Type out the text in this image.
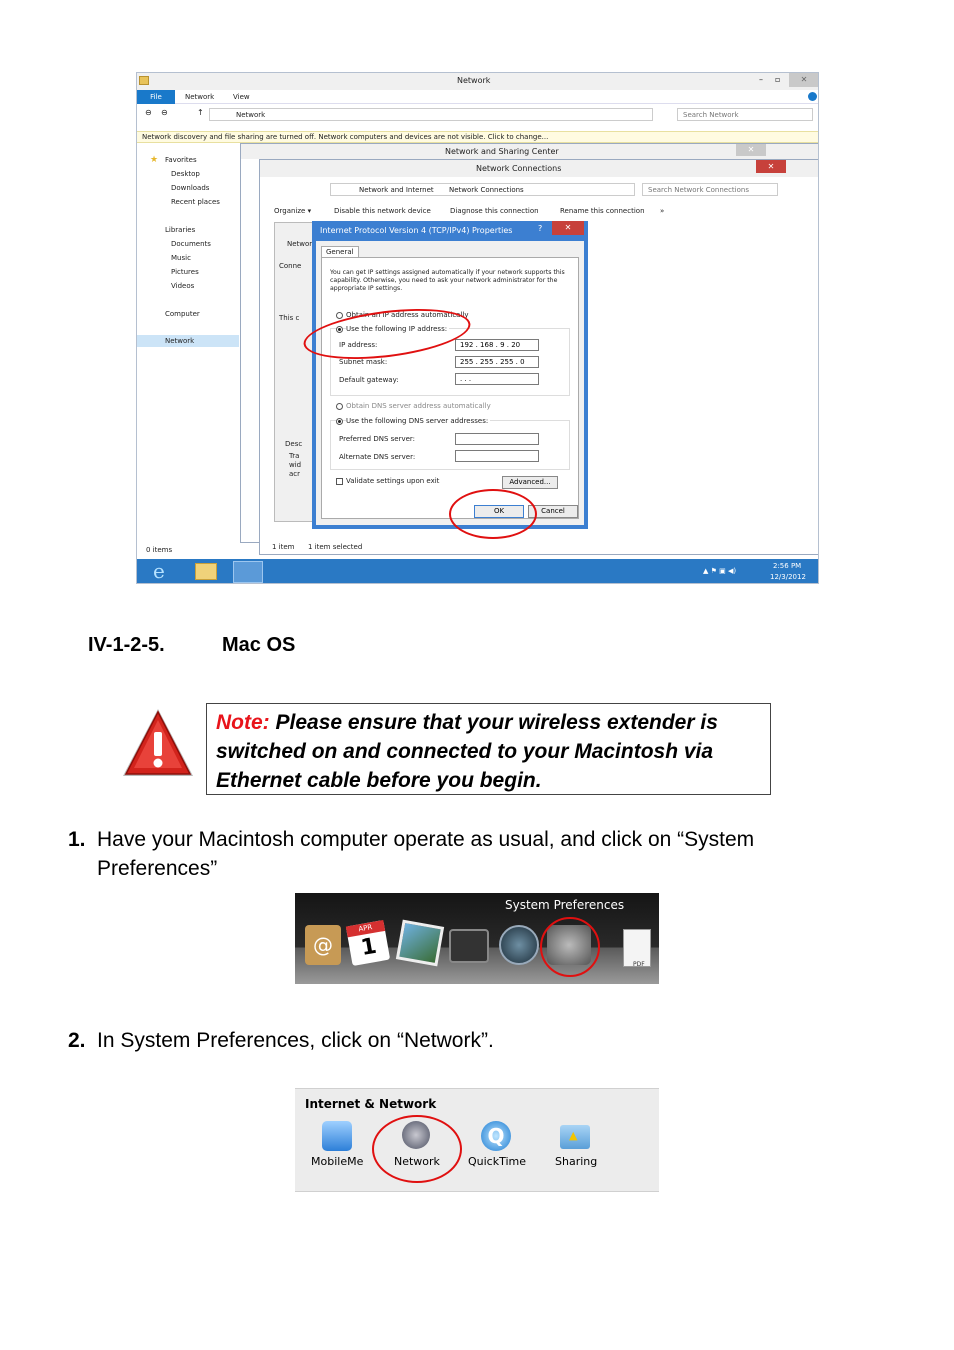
Network	– ▫	✕
File	Network	View
⊖ ⊖	↑	Network	Search Network
Network discovery and file sharing are turned off. Network computers and devices are not visible. Click to change...
Favorites
Desktop
Downloads
Recent places
Libraries
Documents
Music
Pictures
Videos
Computer
Network
★
0 items
Network and Sharing Center	✕
Network Connections	✕
Network and Internet Network Connections	Search Network Connections
Organize ▾	Disable this network device	Diagnose this connection	Rename this connection »
Networ
Conne
This c
Desc
Tra
wid
acr
1 item 1 item selected
Internet Protocol Version 4 (TCP/IPv4) Properties	?	✕
General
You can get IP settings assigned automatically if your network supports this capability. Otherwise, you need to ask your network administrator for the appropriate IP settings.
Obtain an IP address automatically
Use the following IP address:
IP address:	192 . 168 . 9 . 20
Subnet mask:	255 . 255 . 255 . 0
Default gateway:	. . .
Obtain DNS server address automatically
Use the following DNS server addresses:
Preferred DNS server:
Alternate DNS server:
Validate settings upon exit	Advanced...
OK	Cancel
e	▲ ⚑ ▣ ◀)
2:56 PM
12/3/2012
IV-1-2-5.	Mac OS
Note: Please ensure that your wireless extender is switched on and connected to your Macintosh via Ethernet cable before you begin.
1. Have your Macintosh computer operate as usual, and click on “System Preferences”
System Preferences
@
APR
1
PDF
2. In System Preferences, click on “Network”.
Internet & Network
MobileMe	Network
Q
QuickTime
▲
Sharing
